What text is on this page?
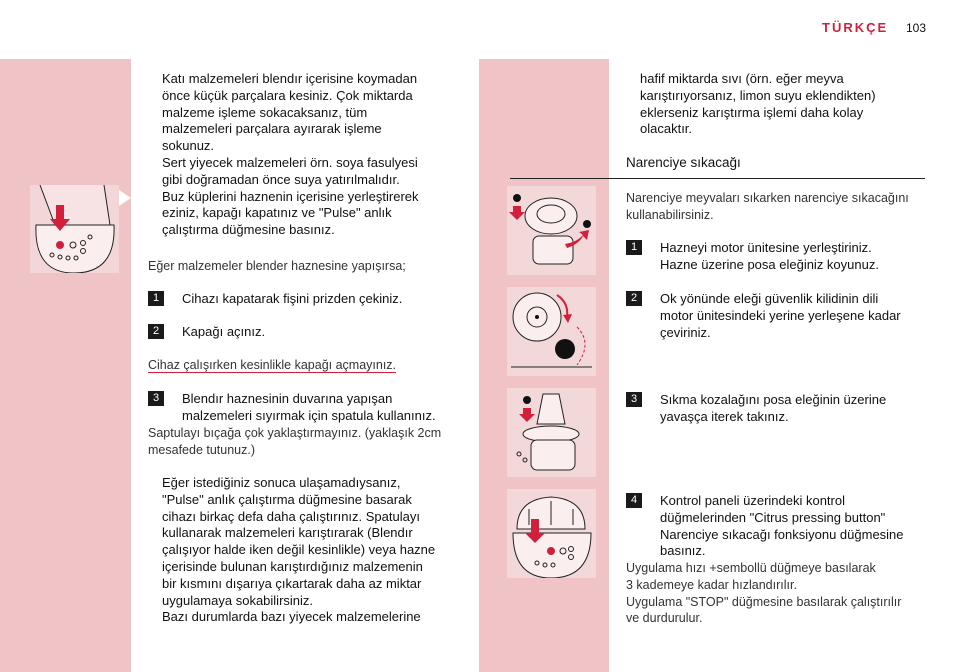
TÜRKÇE 103
Katı malzemeleri blendır içerisine koymadan
önce küçük parçalara kesiniz. Çok miktarda
malzeme işleme sokacaksanız, tüm
malzemeleri parçalara ayırarak işleme
sokunuz.
Sert yiyecek malzemeleri örn. soya fasulyesi
gibi doğramadan önce suya yatırılmalıdır.
Buz küplerini haznenin içerisine yerleştirerek
eziniz, kapağı kapatınız ve "Pulse" anlık
çalıştırma düğmesine basınız.
Eğer malzemeler blender haznesine yapışırsa;
1	Cihazı kapatarak fişini prizden çekiniz.
2	Kapağı açınız.
Cihaz çalışırken kesinlikle kapağı açmayınız.
3	Blendır haznesinin duvarına yapışan
malzemeleri sıyırmak için spatula kullanınız.
Saptulayı bıçağa çok yaklaştırmayınız. (yaklaşık 2cm
mesafede tutunuz.)
Eğer istediğiniz sonuca ulaşamadıysanız,
"Pulse" anlık çalıştırma düğmesine basarak
cihazı birkaç defa daha çalıştırınız. Spatulayı
kullanarak malzemeleri karıştırarak (Blendır
çalışıyor halde iken değil kesinlikle) veya hazne
içerisinde bulunan karıştırdığınız malzemenin
bir kısmını dışarıya çıkartarak daha az miktar
uygulamaya sokabilirsiniz.
Bazı durumlarda bazı yiyecek malzemelerine
hafif miktarda sıvı (örn. eğer meyva
karıştırıyorsanız, limon suyu eklendikten)
eklerseniz karıştırma işlemi daha kolay
olacaktır.
Narenciye sıkacağı
Narenciye meyvaları sıkarken narenciye sıkacağını
kullanabilirsiniz.
1	Hazneyi motor ünitesine yerleştiriniz.
Hazne üzerine posa eleğiniz koyunuz.
2	Ok yönünde eleği güvenlik kilidinin dili
motor ünitesindeki yerine yerleşene kadar
çeviriniz.
3	Sıkma kozalağını posa eleğinin üzerine
yavaşça iterek takınız.
4	Kontrol paneli üzerindeki kontrol
düğmelerinden "Citrus pressing button"
Narenciye sıkacağı fonksiyonu düğmesine
basınız.
Uygulama hızı +sembollü düğmeye basılarak
3 kademeye kadar hızlandırılır.
Uygulama "STOP" düğmesine basılarak çalıştırılır
ve durdurulur.
